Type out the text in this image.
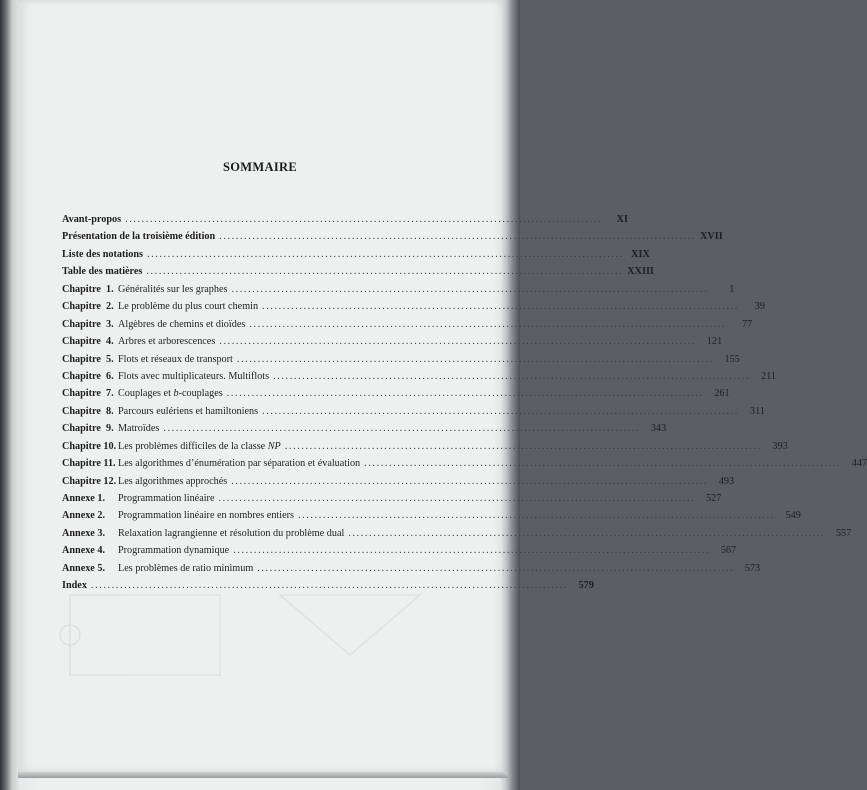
SOMMAIRE
Avant-propos ...................................................................................................................	XI
Présentation de la troisième édition ................................................................................................................... XVII
Liste des notations ................................................................................................................... XIX
Table des matières ................................................................................................................... XXIII
Chapitre 1. Généralités sur les graphes ...................................................................................................................	1
Chapitre 2. Le problème du plus court chemin ...................................................................................................................	39
Chapitre 3. Algèbres de chemins et dioïdes ...................................................................................................................	77
Chapitre 4. Arbres et arborescences ...................................................................................................................	121
Chapitre 5. Flots et réseaux de transport ...................................................................................................................	155
Chapitre 6. Flots avec multiplicateurs. Multiflots ...................................................................................................................	211
Chapitre 7. Couplages et b-couplages ...................................................................................................................	261
Chapitre 8. Parcours eulériens et hamiltoniens ...................................................................................................................	311
Chapitre 9. Matroïdes ...................................................................................................................	343
Chapitre 10. Les problèmes difficiles de la classe NP ...................................................................................................................	393
Chapitre 11. Les algorithmes d’énumération par séparation et évaluation ...................................................................................................................	447
Chapitre 12. Les algorithmes approchés ...................................................................................................................	493
Annexe 1.	Programmation linéaire ...................................................................................................................	527
Annexe 2.	Programmation linéaire en nombres entiers ...................................................................................................................	549
Annexe 3.	Relaxation lagrangienne et résolution du problème dual ...................................................................................................................	557
Annexe 4.	Programmation dynamique ...................................................................................................................	567
Annexe 5.	Les problèmes de ratio minimum ...................................................................................................................	573
Index ...................................................................................................................	579
